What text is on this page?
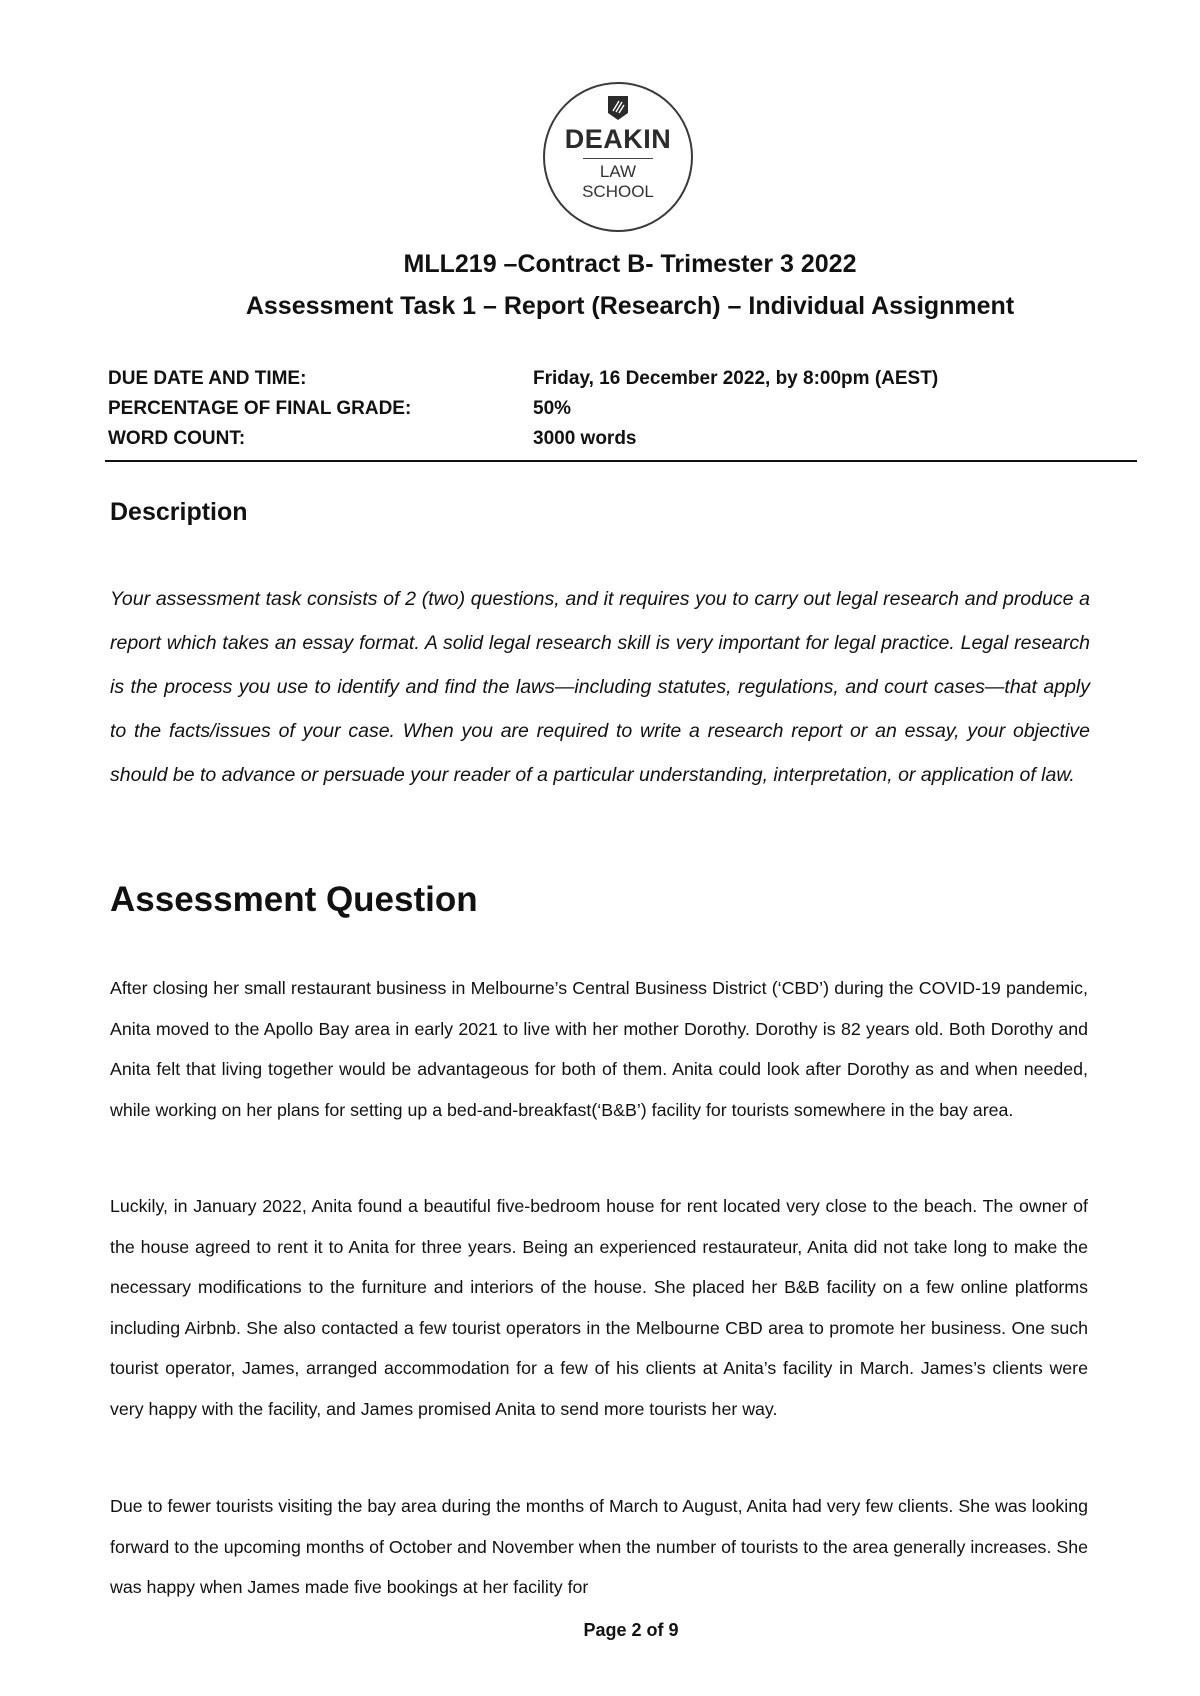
DEAKIN
LAW
SCHOOL
MLL219 –Contract B- Trimester 3 2022
Assessment Task 1 – Report (Research) – Individual Assignment
DUE DATE AND TIME:	Friday, 16 December 2022, by 8:00pm (AEST)
PERCENTAGE OF FINAL GRADE:	50%
WORD COUNT:	3000 words
Description

Your assessment task consists of 2 (two) questions, and it requires you to carry out legal research and produce a report which takes an essay format. A solid legal research skill is very important for legal practice. Legal research is the process you use to identify and find the laws—including statutes, regulations, and court cases—that apply to the facts/issues of your case. When you are required to write a research report or an essay, your objective should be to advance or persuade your reader of a particular understanding, interpretation, or application of law.

Assessment Question

After closing her small restaurant business in Melbourne’s Central Business District (‘CBD’) during the COVID-19 pandemic, Anita moved to the Apollo Bay area in early 2021 to live with her mother Dorothy. Dorothy is 82 years old. Both Dorothy and Anita felt that living together would be advantageous for both of them. Anita could look after Dorothy as and when needed, while working on her plans for setting up a bed-and-breakfast(‘B&B’) facility for tourists somewhere in the bay area.

Luckily, in January 2022, Anita found a beautiful five-bedroom house for rent located very close to the beach. The owner of the house agreed to rent it to Anita for three years. Being an experienced restaurateur, Anita did not take long to make the necessary modifications to the furniture and interiors of the house. She placed her B&B facility on a few online platforms including Airbnb. She also contacted a few tourist operators in the Melbourne CBD area to promote her business. One such tourist operator, James, arranged accommodation for a few of his clients at Anita’s facility in March. James’s clients were very happy with the facility, and James promised Anita to send more tourists her way.

Due to fewer tourists visiting the bay area during the months of March to August, Anita had very few clients. She was looking forward to the upcoming months of October and November when the number of tourists to the area generally increases. She was happy when James made five bookings at her facility for

Page 2 of 9
